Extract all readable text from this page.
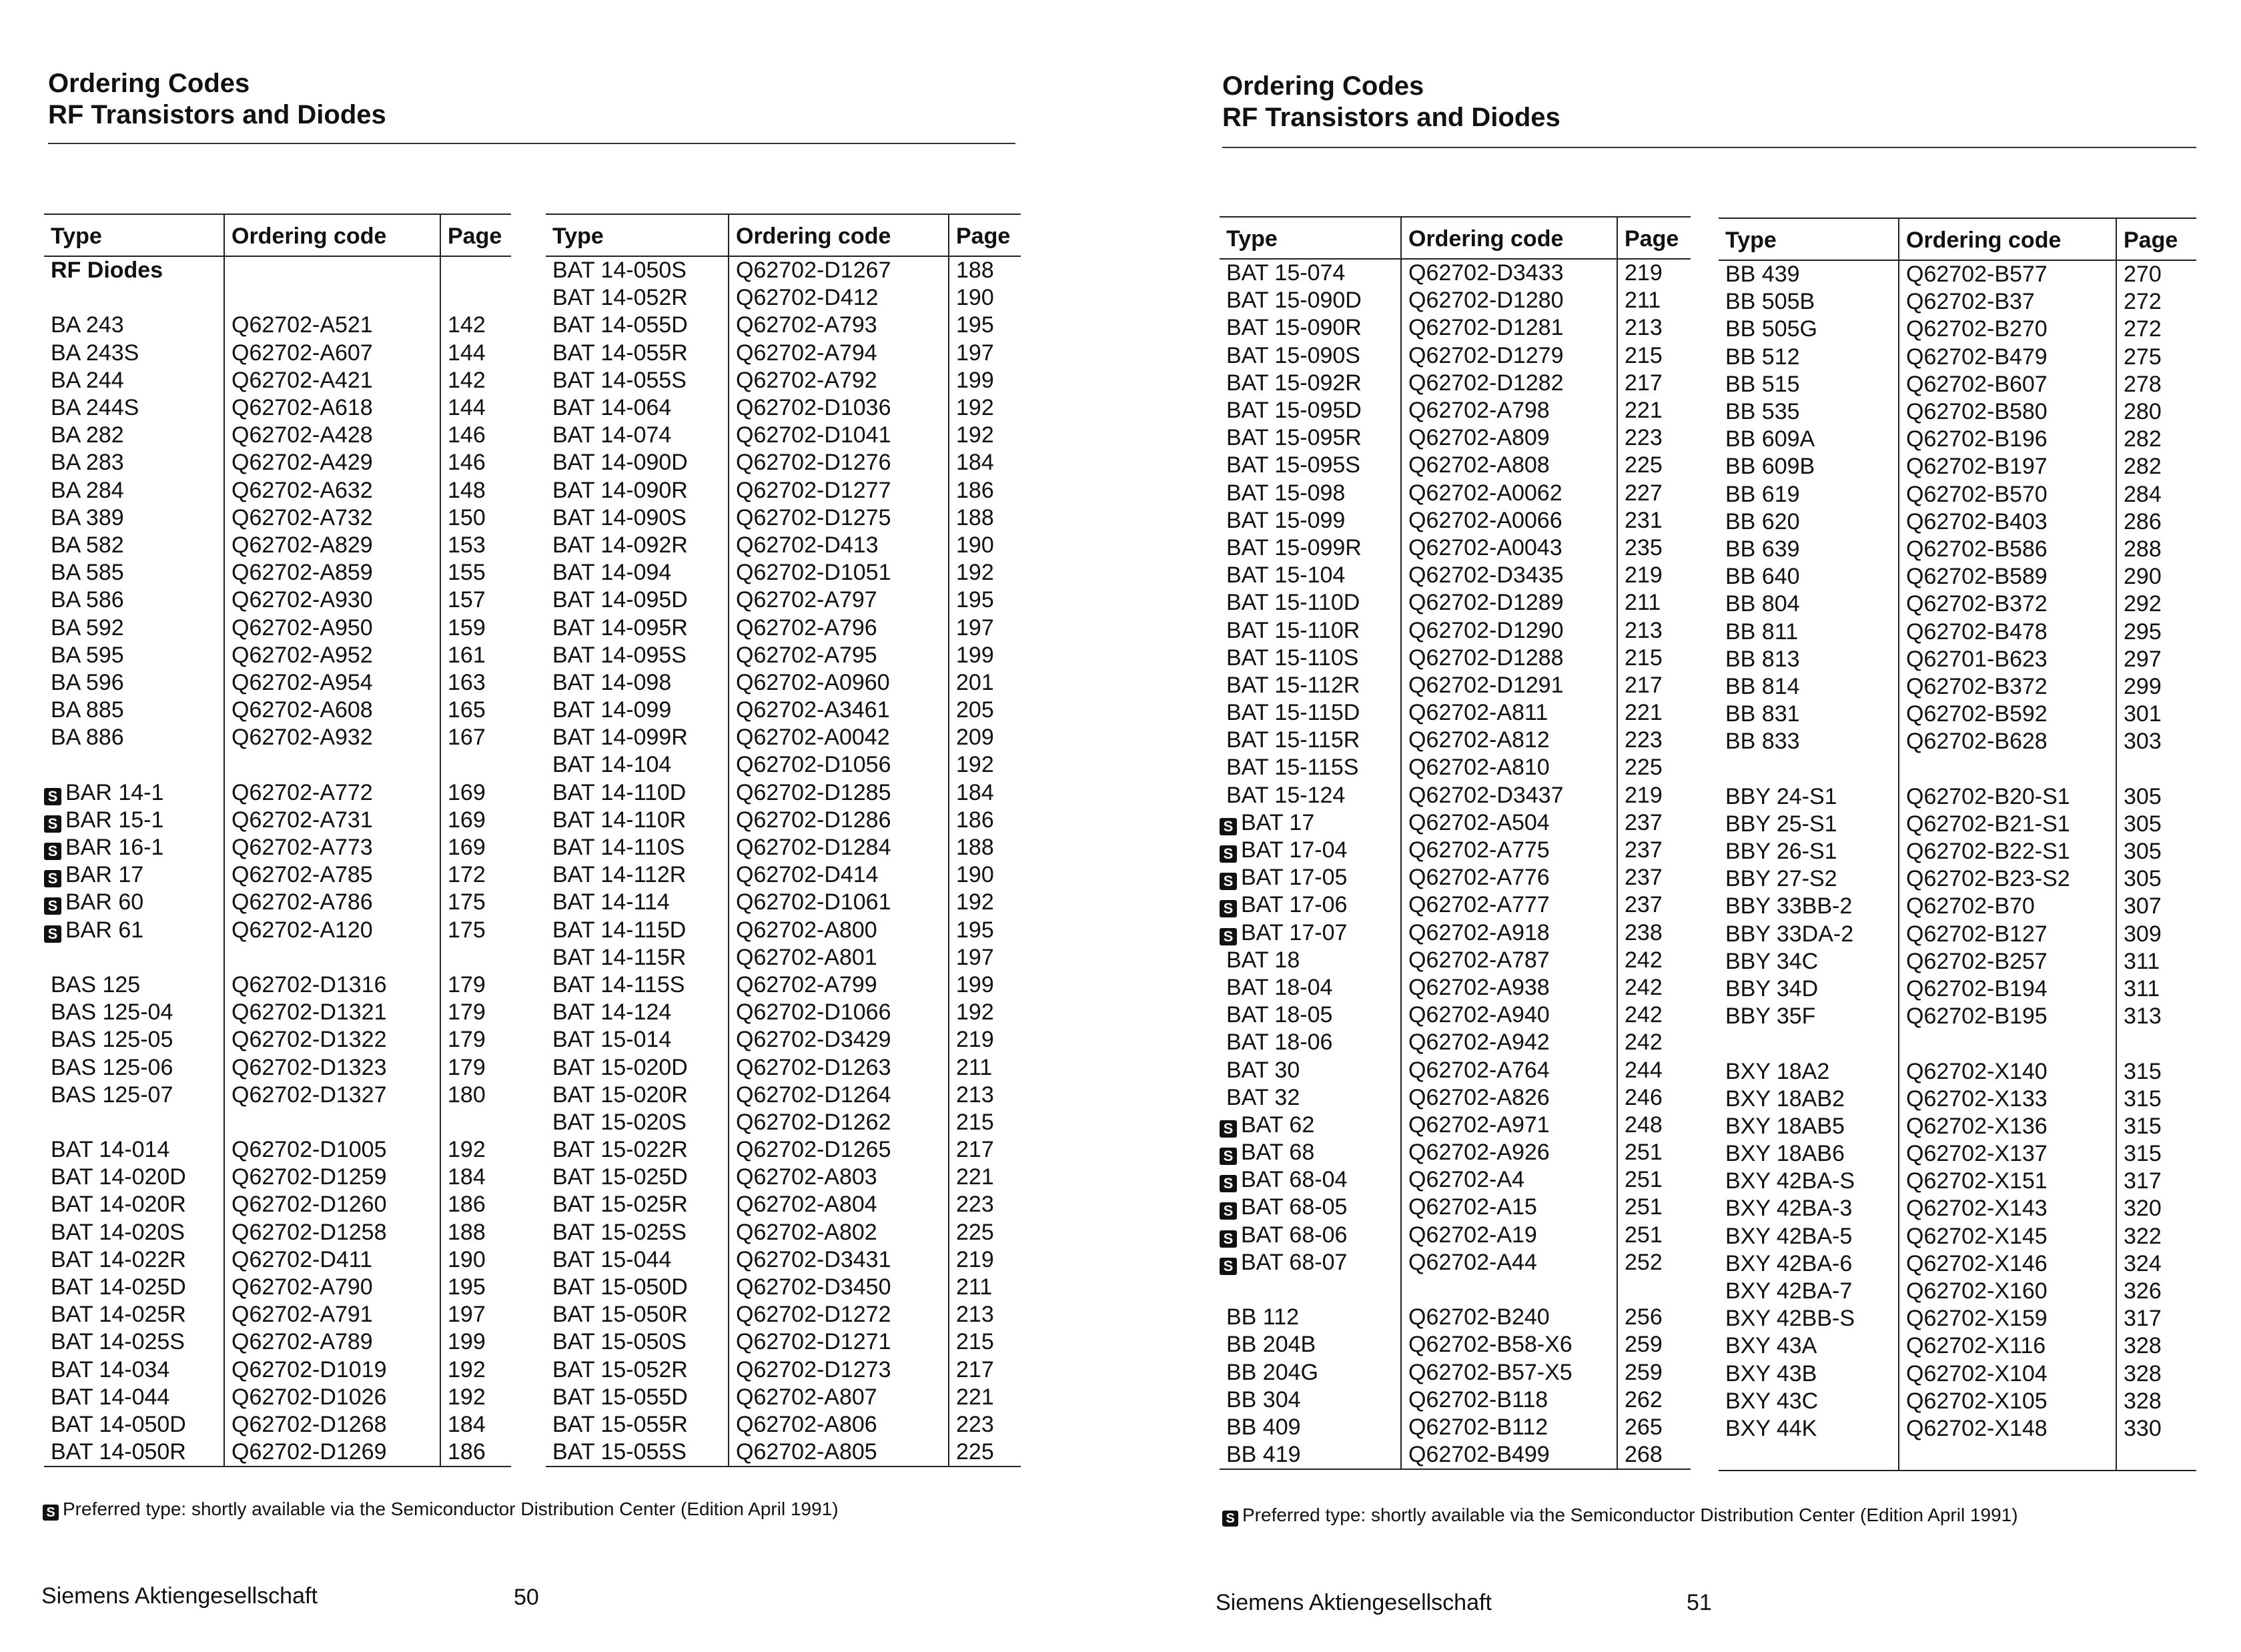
Ordering Codes
RF Transistors and Diodes
Type	Ordering code	Page
RF Diodes		

BA 243	Q62702-A521	142
BA 243S	Q62702-A607	144
BA 244	Q62702-A421	142
BA 244S	Q62702-A618	144
BA 282	Q62702-A428	146
BA 283	Q62702-A429	146
BA 284	Q62702-A632	148
BA 389	Q62702-A732	150
BA 582	Q62702-A829	153
BA 585	Q62702-A859	155
BA 586	Q62702-A930	157
BA 592	Q62702-A950	159
BA 595	Q62702-A952	161
BA 596	Q62702-A954	163
BA 885	Q62702-A608	165
BA 886	Q62702-A932	167

S BAR 14-1	Q62702-A772	169
S BAR 15-1	Q62702-A731	169
S BAR 16-1	Q62702-A773	169
S BAR 17	Q62702-A785	172
S BAR 60	Q62702-A786	175
S BAR 61	Q62702-A120	175

BAS 125	Q62702-D1316	179
BAS 125-04	Q62702-D1321	179
BAS 125-05	Q62702-D1322	179
BAS 125-06	Q62702-D1323	179
BAS 125-07	Q62702-D1327	180

BAT 14-014	Q62702-D1005	192
BAT 14-020D	Q62702-D1259	184
BAT 14-020R	Q62702-D1260	186
BAT 14-020S	Q62702-D1258	188
BAT 14-022R	Q62702-D411	190
BAT 14-025D	Q62702-A790	195
BAT 14-025R	Q62702-A791	197
BAT 14-025S	Q62702-A789	199
BAT 14-034	Q62702-D1019	192
BAT 14-044	Q62702-D1026	192
BAT 14-050D	Q62702-D1268	184
BAT 14-050R	Q62702-D1269	186
Type	Ordering code	Page
BAT 14-050S	Q62702-D1267	188
BAT 14-052R	Q62702-D412	190
BAT 14-055D	Q62702-A793	195
BAT 14-055R	Q62702-A794	197
BAT 14-055S	Q62702-A792	199
BAT 14-064	Q62702-D1036	192
BAT 14-074	Q62702-D1041	192
BAT 14-090D	Q62702-D1276	184
BAT 14-090R	Q62702-D1277	186
BAT 14-090S	Q62702-D1275	188
BAT 14-092R	Q62702-D413	190
BAT 14-094	Q62702-D1051	192
BAT 14-095D	Q62702-A797	195
BAT 14-095R	Q62702-A796	197
BAT 14-095S	Q62702-A795	199
BAT 14-098	Q62702-A0960	201
BAT 14-099	Q62702-A3461	205
BAT 14-099R	Q62702-A0042	209
BAT 14-104	Q62702-D1056	192
BAT 14-110D	Q62702-D1285	184
BAT 14-110R	Q62702-D1286	186
BAT 14-110S	Q62702-D1284	188
BAT 14-112R	Q62702-D414	190
BAT 14-114	Q62702-D1061	192
BAT 14-115D	Q62702-A800	195
BAT 14-115R	Q62702-A801	197
BAT 14-115S	Q62702-A799	199
BAT 14-124	Q62702-D1066	192
BAT 15-014	Q62702-D3429	219
BAT 15-020D	Q62702-D1263	211
BAT 15-020R	Q62702-D1264	213
BAT 15-020S	Q62702-D1262	215
BAT 15-022R	Q62702-D1265	217
BAT 15-025D	Q62702-A803	221
BAT 15-025R	Q62702-A804	223
BAT 15-025S	Q62702-A802	225
BAT 15-044	Q62702-D3431	219
BAT 15-050D	Q62702-D3450	211
BAT 15-050R	Q62702-D1272	213
BAT 15-050S	Q62702-D1271	215
BAT 15-052R	Q62702-D1273	217
BAT 15-055D	Q62702-A807	221
BAT 15-055R	Q62702-A806	223
BAT 15-055S	Q62702-A805	225
S Preferred type: shortly available via the Semiconductor Distribution Center (Edition April 1991)
Siemens Aktiengesellschaft	50
Ordering Codes
RF Transistors and Diodes
Type	Ordering code	Page
BAT 15-074	Q62702-D3433	219
BAT 15-090D	Q62702-D1280	211
BAT 15-090R	Q62702-D1281	213
BAT 15-090S	Q62702-D1279	215
BAT 15-092R	Q62702-D1282	217
BAT 15-095D	Q62702-A798	221
BAT 15-095R	Q62702-A809	223
BAT 15-095S	Q62702-A808	225
BAT 15-098	Q62702-A0062	227
BAT 15-099	Q62702-A0066	231
BAT 15-099R	Q62702-A0043	235
BAT 15-104	Q62702-D3435	219
BAT 15-110D	Q62702-D1289	211
BAT 15-110R	Q62702-D1290	213
BAT 15-110S	Q62702-D1288	215
BAT 15-112R	Q62702-D1291	217
BAT 15-115D	Q62702-A811	221
BAT 15-115R	Q62702-A812	223
BAT 15-115S	Q62702-A810	225
BAT 15-124	Q62702-D3437	219
S BAT 17	Q62702-A504	237
S BAT 17-04	Q62702-A775	237
S BAT 17-05	Q62702-A776	237
S BAT 17-06	Q62702-A777	237
S BAT 17-07	Q62702-A918	238
BAT 18	Q62702-A787	242
BAT 18-04	Q62702-A938	242
BAT 18-05	Q62702-A940	242
BAT 18-06	Q62702-A942	242
BAT 30	Q62702-A764	244
BAT 32	Q62702-A826	246
S BAT 62	Q62702-A971	248
S BAT 68	Q62702-A926	251
S BAT 68-04	Q62702-A4	251
S BAT 68-05	Q62702-A15	251
S BAT 68-06	Q62702-A19	251
S BAT 68-07	Q62702-A44	252

BB 112	Q62702-B240	256
BB 204B	Q62702-B58-X6	259
BB 204G	Q62702-B57-X5	259
BB 304	Q62702-B118	262
BB 409	Q62702-B112	265
BB 419	Q62702-B499	268
Type	Ordering code	Page
BB 439	Q62702-B577	270
BB 505B	Q62702-B37	272
BB 505G	Q62702-B270	272
BB 512	Q62702-B479	275
BB 515	Q62702-B607	278
BB 535	Q62702-B580	280
BB 609A	Q62702-B196	282
BB 609B	Q62702-B197	282
BB 619	Q62702-B570	284
BB 620	Q62702-B403	286
BB 639	Q62702-B586	288
BB 640	Q62702-B589	290
BB 804	Q62702-B372	292
BB 811	Q62702-B478	295
BB 813	Q62701-B623	297
BB 814	Q62702-B372	299
BB 831	Q62702-B592	301
BB 833	Q62702-B628	303

BBY 24-S1	Q62702-B20-S1	305
BBY 25-S1	Q62702-B21-S1	305
BBY 26-S1	Q62702-B22-S1	305
BBY 27-S2	Q62702-B23-S2	305
BBY 33BB-2	Q62702-B70	307
BBY 33DA-2	Q62702-B127	309
BBY 34C	Q62702-B257	311
BBY 34D	Q62702-B194	311
BBY 35F	Q62702-B195	313

BXY 18A2	Q62702-X140	315
BXY 18AB2	Q62702-X133	315
BXY 18AB5	Q62702-X136	315
BXY 18AB6	Q62702-X137	315
BXY 42BA-S	Q62702-X151	317
BXY 42BA-3	Q62702-X143	320
BXY 42BA-5	Q62702-X145	322
BXY 42BA-6	Q62702-X146	324
BXY 42BA-7	Q62702-X160	326
BXY 42BB-S	Q62702-X159	317
BXY 43A	Q62702-X116	328
BXY 43B	Q62702-X104	328
BXY 43C	Q62702-X105	328
BXY 44K	Q62702-X148	330

S Preferred type: shortly available via the Semiconductor Distribution Center (Edition April 1991)
Siemens Aktiengesellschaft	51
